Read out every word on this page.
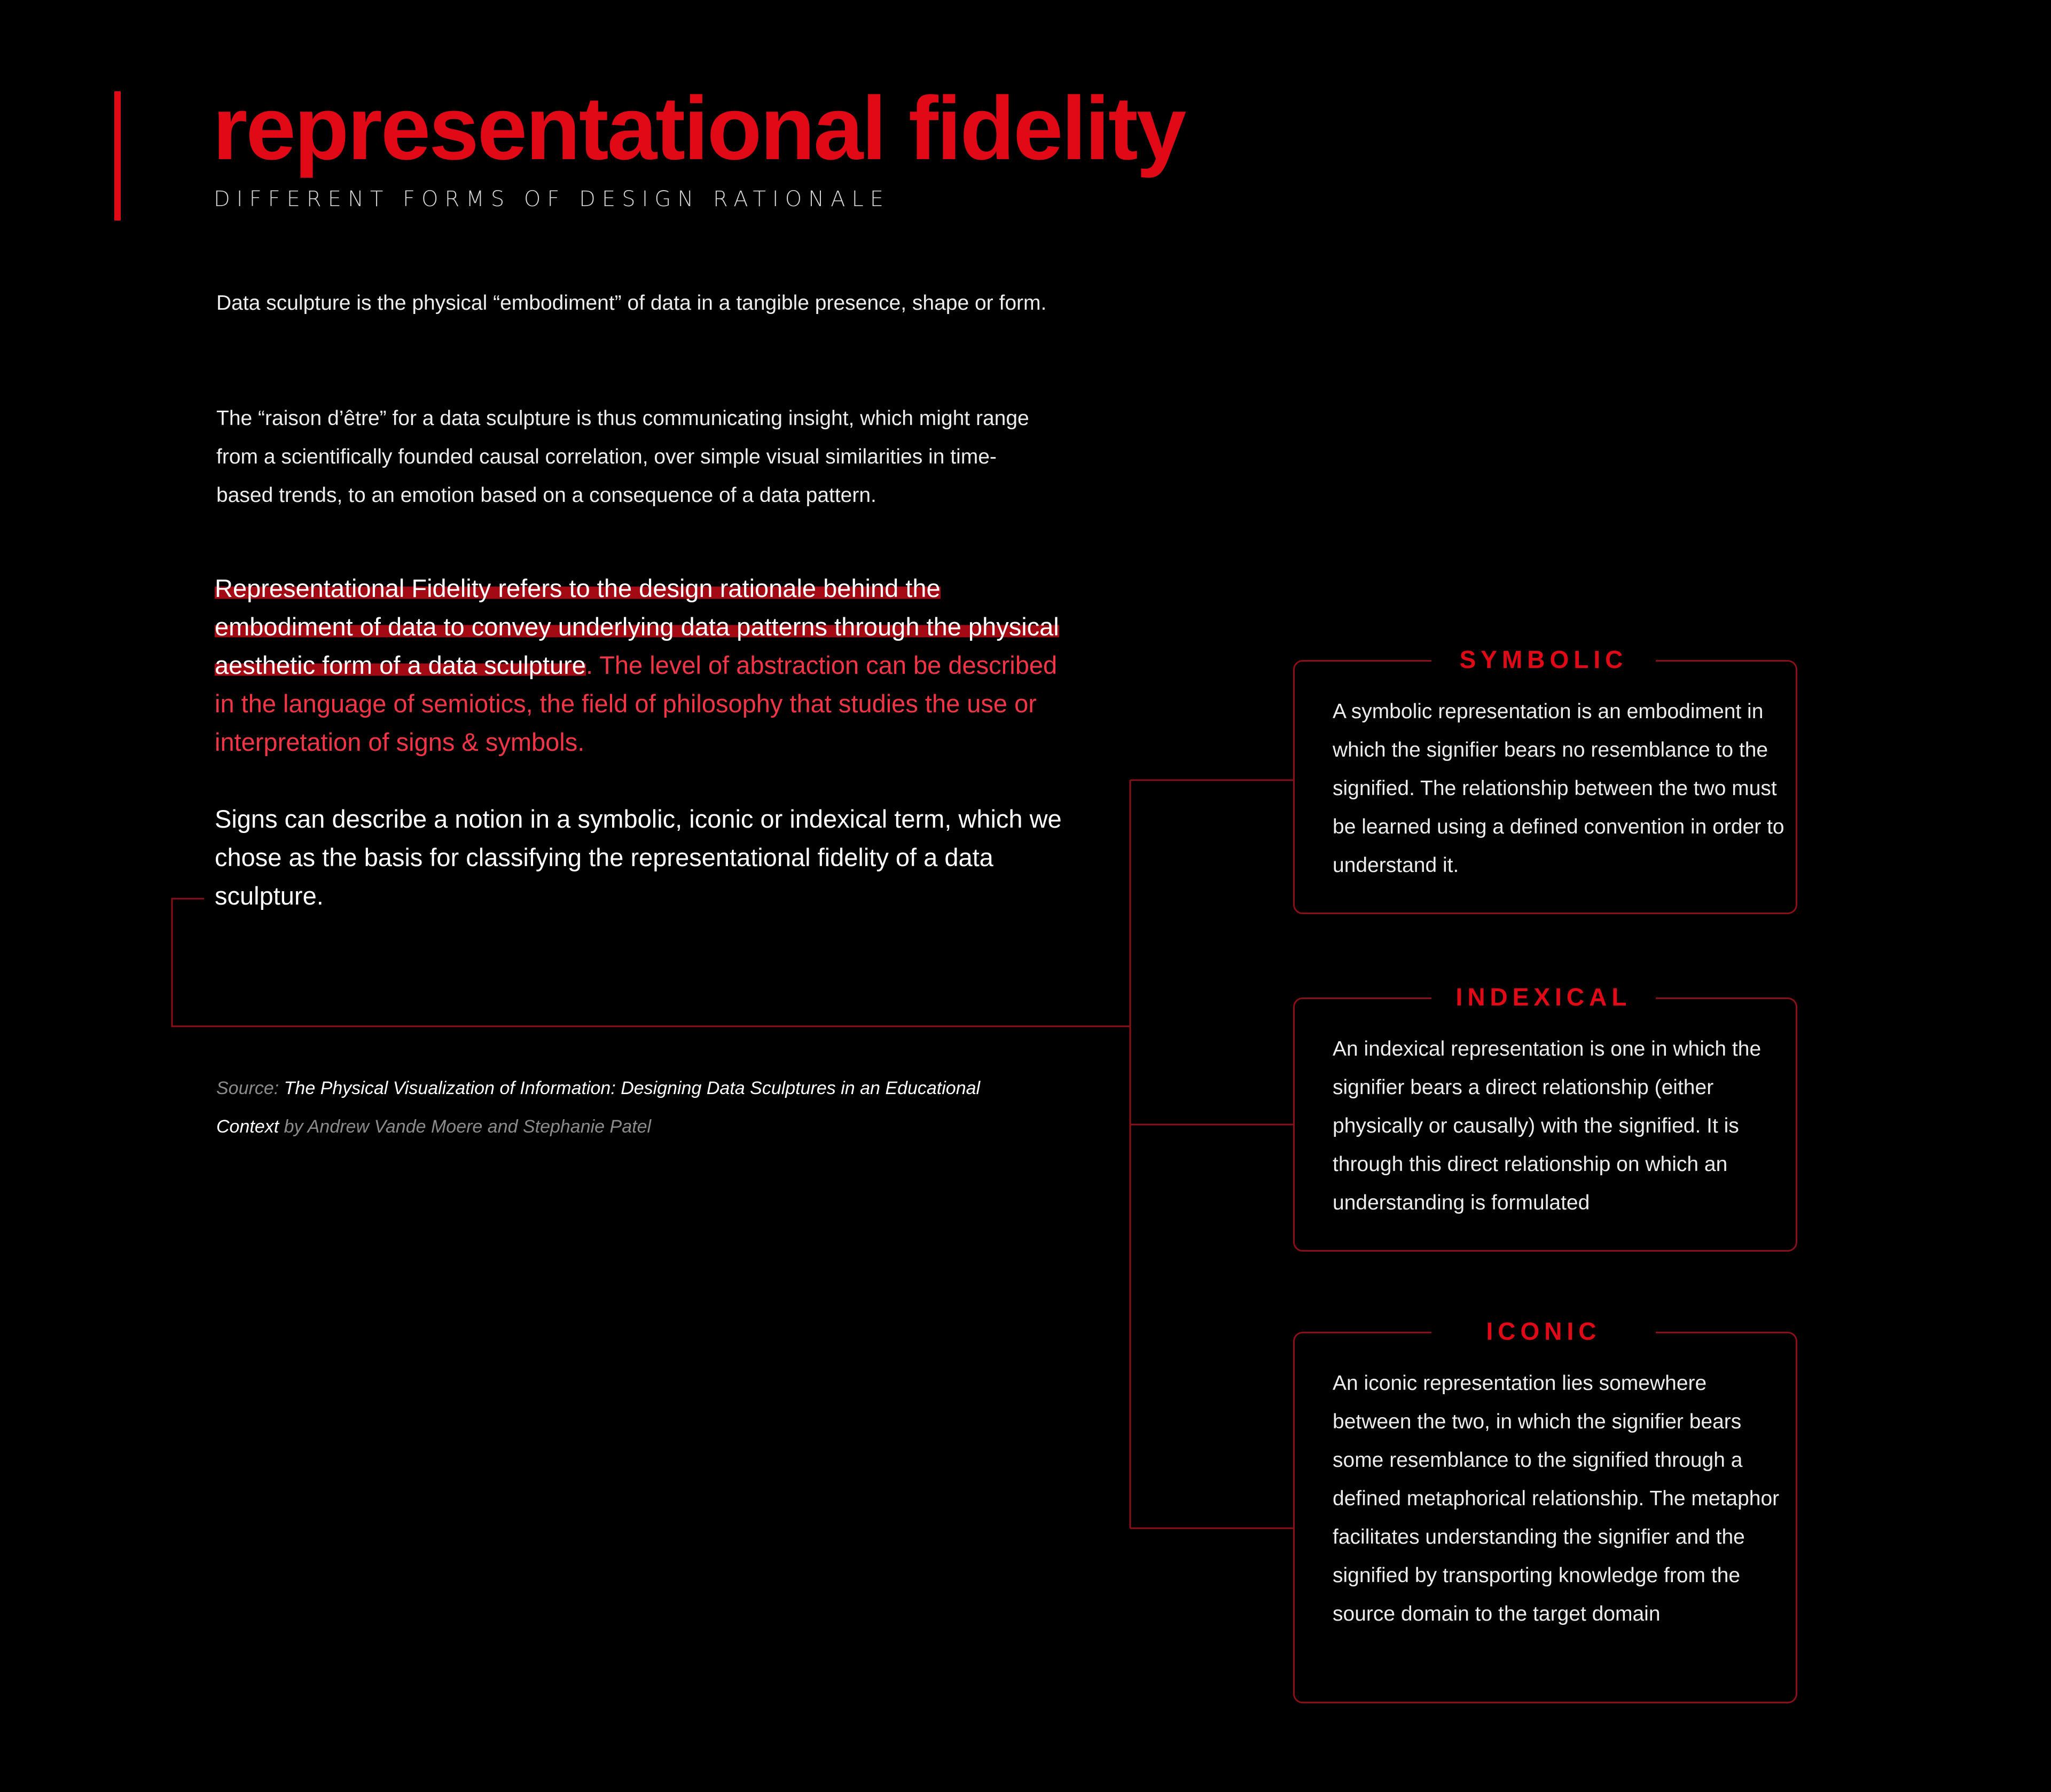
representational fidelity
DIFFERENT FORMS OF DESIGN RATIONALE

Data sculpture is the physical “embodiment” of data in a tangible presence, shape or form.

The “raison d’être” for a data sculpture is thus communicating insight, which might range from a scientifically founded causal correlation, over simple visual similarities in time-based trends, to an emotion based on a consequence of a data pattern.

Representational Fidelity refers to the design rationale behind the embodiment of data to convey underlying data patterns through the physical aesthetic form of a data sculpture. The level of abstraction can be described in the language of semiotics, the field of philosophy that studies the use or interpretation of signs & symbols.

Signs can describe a notion in a symbolic, iconic or indexical term, which we chose as the basis for classifying the representational fidelity of a data sculpture.

Source: The Physical Visualization of Information: Designing Data Sculptures in an Educational Context by Andrew Vande Moere and Stephanie Patel

SYMBOLIC

A symbolic representation is an embodiment in which the signifier bears no resemblance to the signified. The relationship between the two must be learned using a defined convention in order to understand it.

INDEXICAL

An indexical representation is one in which the signifier bears a direct relationship (either physically or causally) with the signified. It is through this direct relationship on which an understanding is formulated

ICONIC

An iconic representation lies somewhere between the two, in which the signifier bears some resemblance to the signified through a defined metaphorical relationship. The metaphor facilitates understanding the signifier and the signified by transporting knowledge from the source domain to the target domain
